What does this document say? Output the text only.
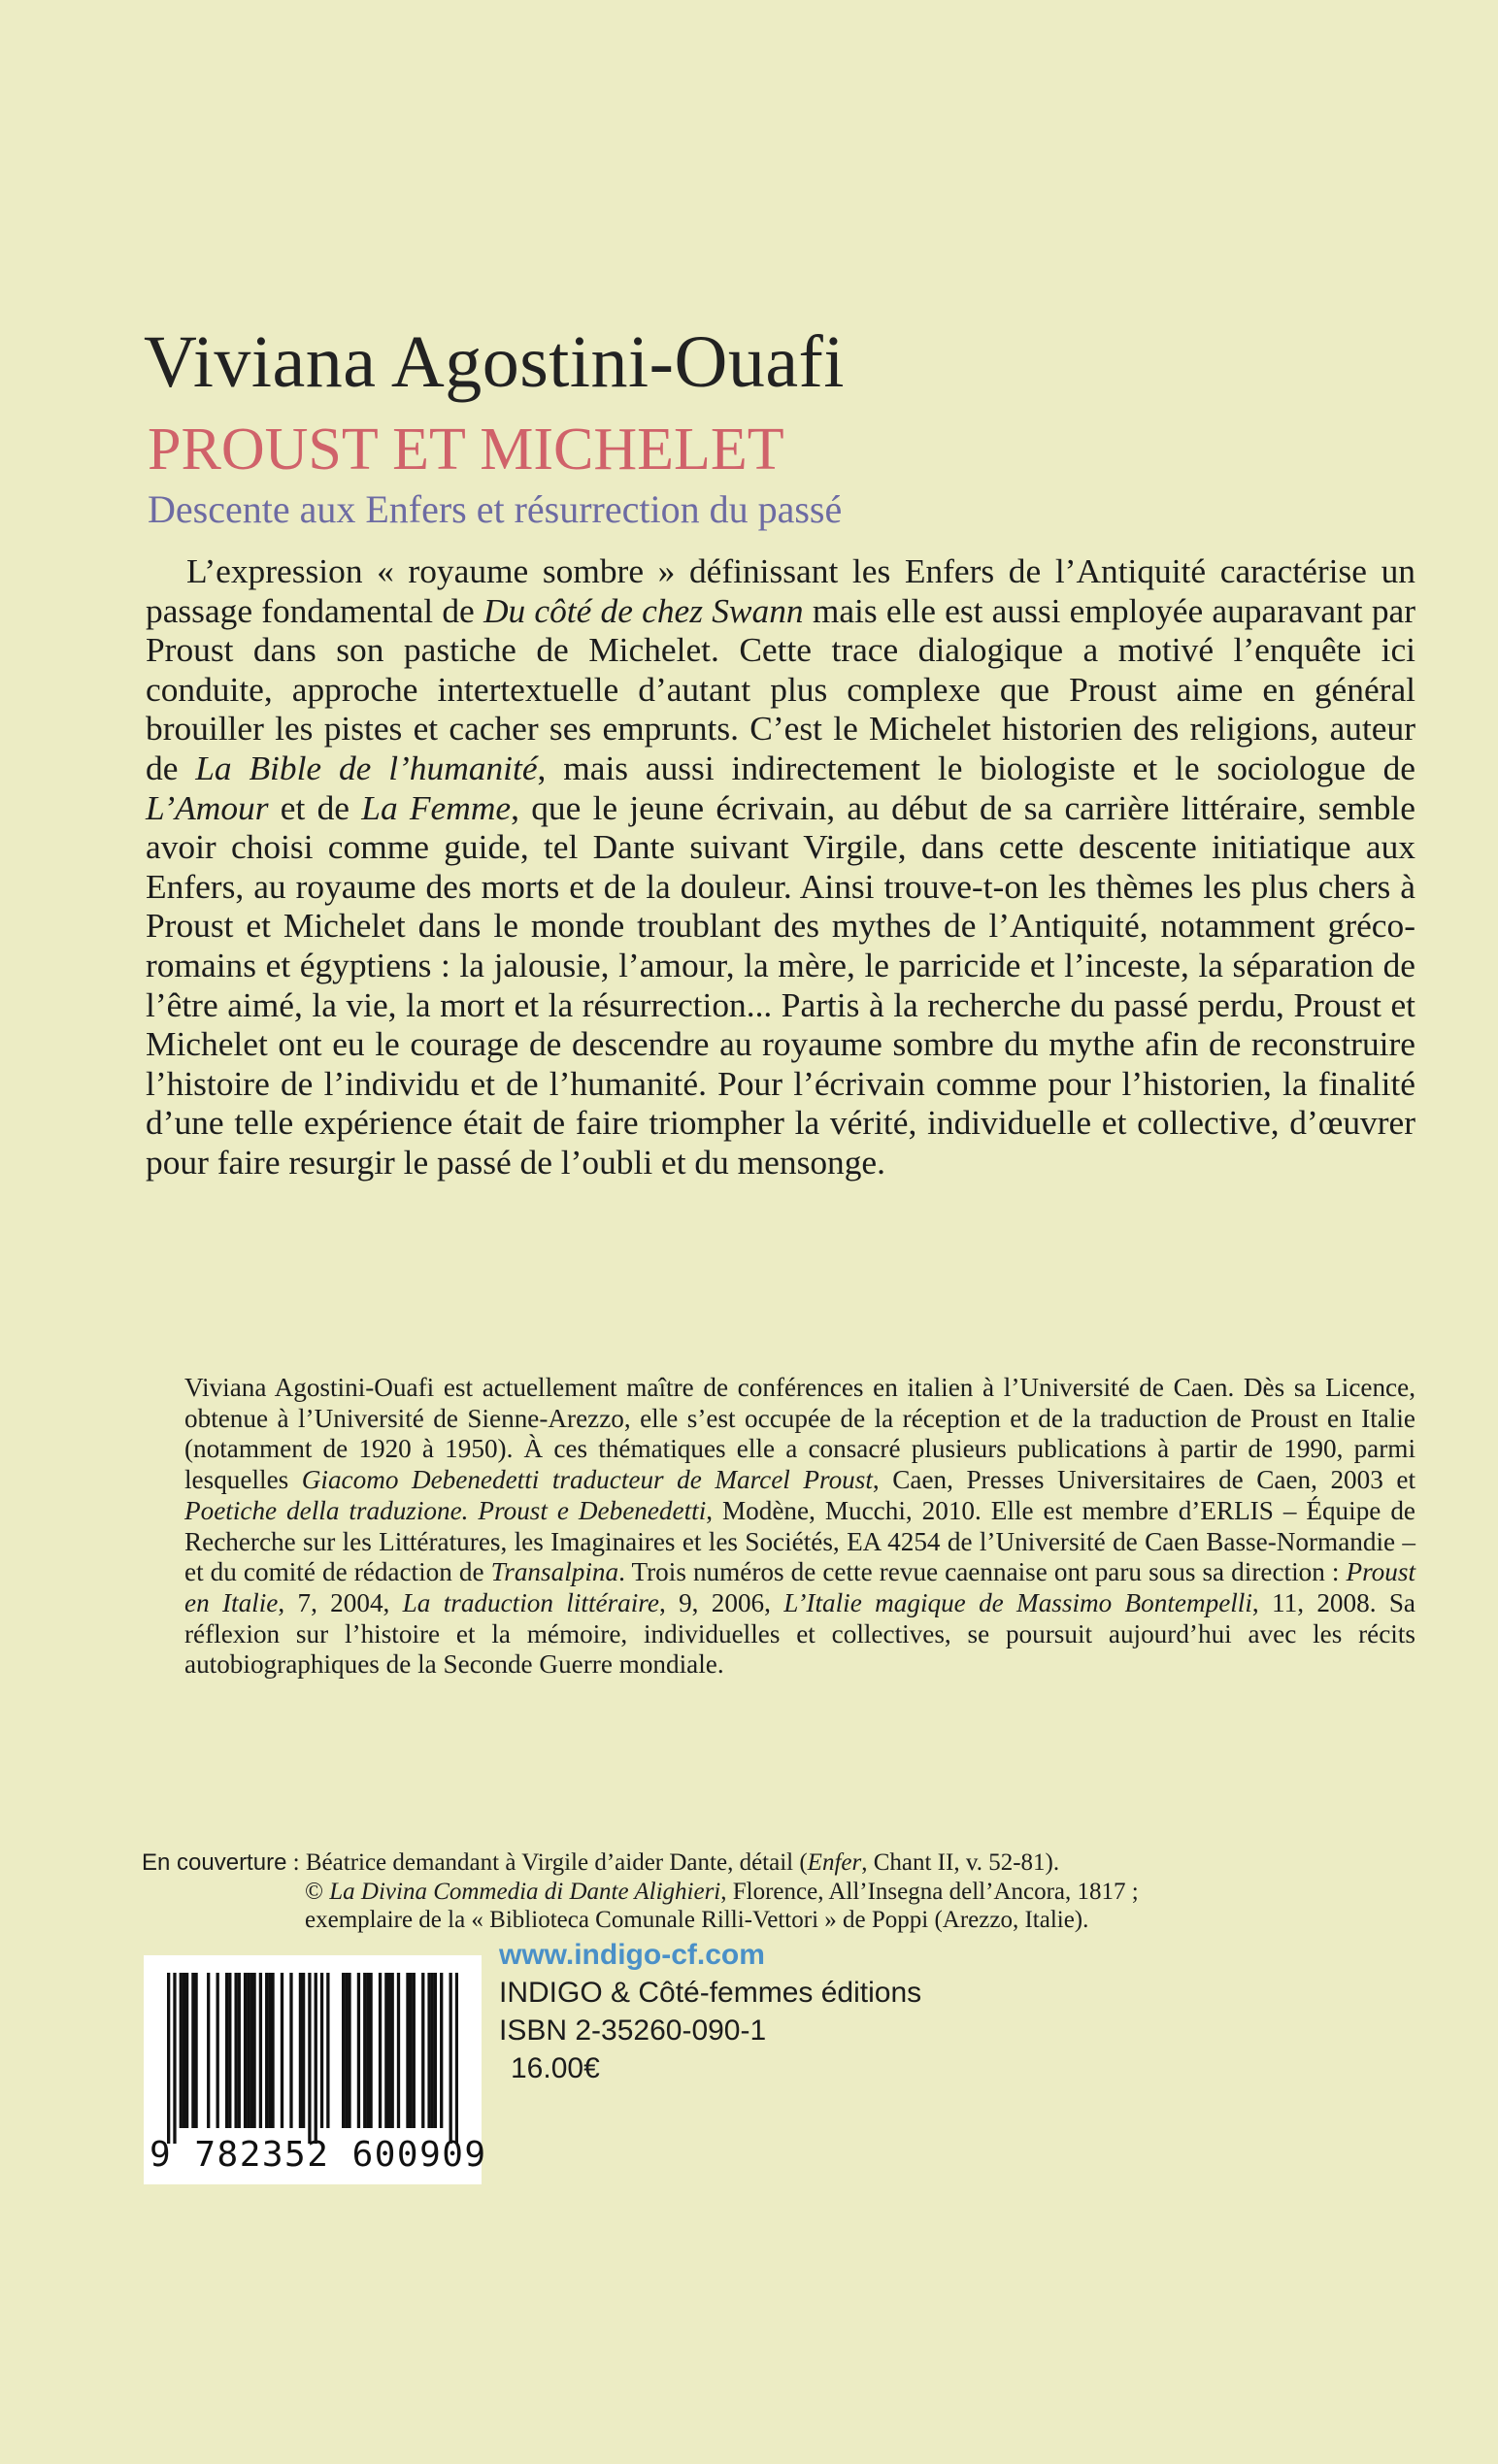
Viviana Agostini-Ouafi
PROUST ET MICHELET
Descente aux Enfers et résurrection du passé

L’expression « royaume sombre » définissant les Enfers de l’Antiquité caractérise un passage fondamental de Du côté de chez Swann mais elle est aussi employée auparavant par Proust dans son pastiche de Michelet. Cette trace dialogique a motivé l’enquête ici conduite, approche intertextuelle d’autant plus complexe que Proust aime en général brouiller les pistes et cacher ses emprunts. C’est le Michelet historien des religions, auteur de La Bible de l’humanité, mais aussi indirectement le biologiste et le sociologue de L’Amour et de La Femme, que le jeune écrivain, au début de sa carrière littéraire, semble avoir choisi comme guide, tel Dante suivant Virgile, dans cette descente initiatique aux Enfers, au royaume des morts et de la douleur. Ainsi trouve-t-on les thèmes les plus chers à Proust et Michelet dans le monde troublant des mythes de l’Antiquité, notamment gréco-romains et égyptiens : la jalousie, l’amour, la mère, le parricide et l’inceste, la séparation de l’être aimé, la vie, la mort et la résurrection... Partis à la recherche du passé perdu, Proust et Michelet ont eu le courage de descendre au royaume sombre du mythe afin de reconstruire l’histoire de l’individu et de l’humanité. Pour l’écrivain comme pour l’historien, la finalité d’une telle expérience était de faire triompher la vérité, individuelle et collective, d’œuvrer pour faire resurgir le passé de l’oubli et du mensonge.

Viviana Agostini-Ouafi est actuellement maître de conférences en italien à l’Université de Caen. Dès sa Licence, obtenue à l’Université de Sienne-Arezzo, elle s’est occupée de la réception et de la traduction de Proust en Italie (notamment de 1920 à 1950). À ces thématiques elle a consacré plusieurs publications à partir de 1990, parmi lesquelles Giacomo Debenedetti traducteur de Marcel Proust, Caen, Presses Universitaires de Caen, 2003 et Poetiche della traduzione. Proust e Debenedetti, Modène, Mucchi, 2010. Elle est membre d’ERLIS – Équipe de Recherche sur les Littératures, les Imaginaires et les Sociétés, EA 4254 de l’Université de Caen Basse-Normandie – et du comité de rédaction de Transalpina. Trois numéros de cette revue caennaise ont paru sous sa direction : Proust en Italie, 7, 2004, La traduction littéraire, 9, 2006, L’Italie magique de Massimo Bontempelli, 11, 2008. Sa réflexion sur l’histoire et la mémoire, individuelles et collectives, se poursuit aujourd’hui avec les récits autobiographiques de la Seconde Guerre mondiale.

En couverture : Béatrice demandant à Virgile d’aider Dante, détail (Enfer, Chant II, v. 52-81).
© La Divina Commedia di Dante Alighieri, Florence, All’Insegna dell’Ancora, 1817 ;
exemplaire de la « Biblioteca Comunale Rilli-Vettori » de Poppi (Arezzo, Italie).
9 782352 600909
www.indigo-cf.com
INDIGO & Côté-femmes éditions
ISBN 2-35260-090-1
16.00€
